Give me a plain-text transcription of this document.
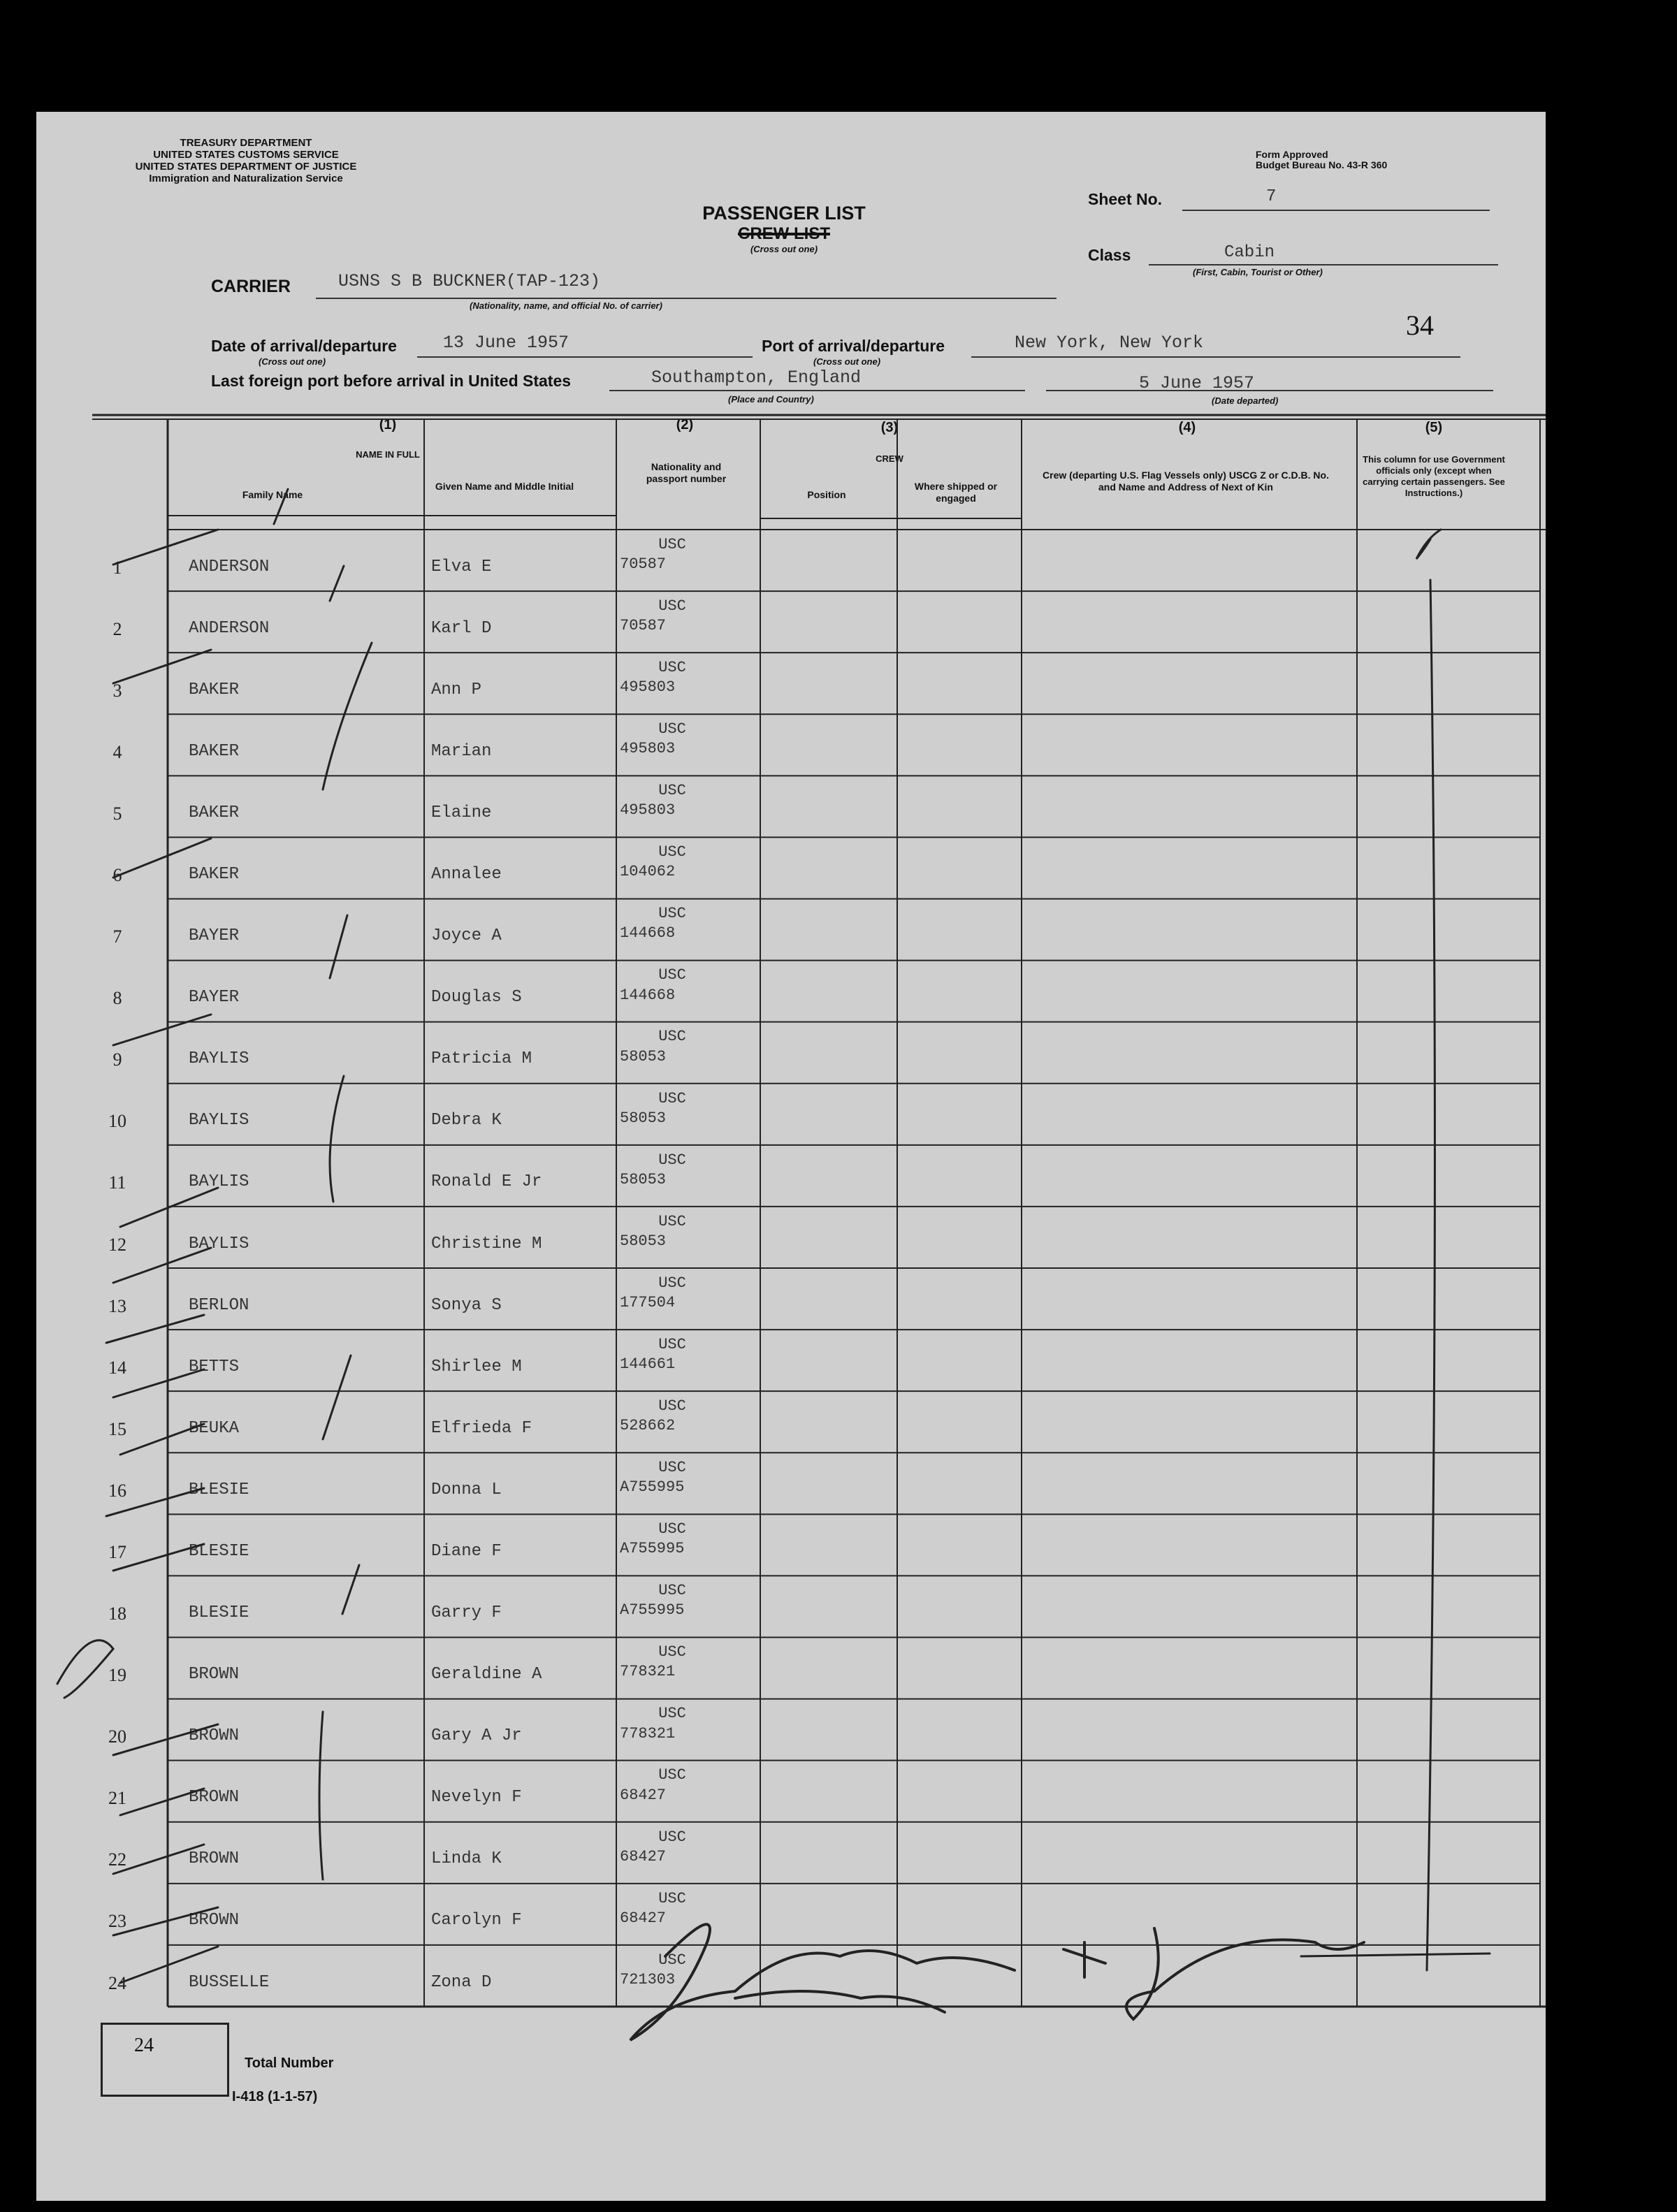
TREASURY DEPARTMENT
UNITED STATES CUSTOMS SERVICE
UNITED STATES DEPARTMENT OF JUSTICE
Immigration and Naturalization Service
Form Approved
Budget Bureau No. 43-R 360
PASSENGER LIST
CREW LIST
(Cross out one)
Sheet No.	7
Class	Cabin
(First, Cabin, Tourist or Other)
34
CARRIER	USNS S B BUCKNER(TAP-123)
(Nationality, name, and official No. of carrier)
Date of arrival/departure
(Cross out one)
13 June 1957	Port of arrival/departure
(Cross out one)
New York, New York
Last foreign port before arrival in United States	Southampton, England
(Place and Country)
5 June 1957
(Date departed)
(1)
NAME IN FULL
Family Name
Given Name and Middle Initial
(2)
Nationality and passport number
(3)
CREW
Position
Where shipped or engaged
(4)
Crew (departing U.S. Flag Vessels only) USCG Z or C.D.B. No. and Name and Address of Next of Kin
(5)
This column for use Government officials only (except when carrying certain passengers. See Instructions.)
1	ANDERSON	Elva E
USC
70587
2	ANDERSON	Karl D
USC
70587
3	BAKER	Ann P
USC
495803
4	BAKER	Marian
USC
495803
5	BAKER	Elaine
USC
495803
6	BAKER	Annalee
USC
104062
7	BAYER	Joyce A
USC
144668
8	BAYER	Douglas S
USC
144668
9	BAYLIS	Patricia M
USC
58053
10	BAYLIS	Debra K
USC
58053
11	BAYLIS	Ronald E Jr
USC
58053
12	BAYLIS	Christine M
USC
58053
13	BERLON	Sonya S
USC
177504
14	BETTS	Shirlee M
USC
144661
15	BEUKA	Elfrieda F
USC
528662
16	BLESIE	Donna L
USC
A755995
17	BLESIE	Diane F
USC
A755995
18	BLESIE	Garry F
USC
A755995
19	BROWN	Geraldine A
USC
778321
20	BROWN	Gary A Jr
USC
778321
21	BROWN	Nevelyn F
USC
68427
22	BROWN	Linda K
USC
68427
23	BROWN	Carolyn F
USC
68427
24	BUSSELLE	Zona D
USC
721303
24
Total Number
I-418 (1-1-57)
